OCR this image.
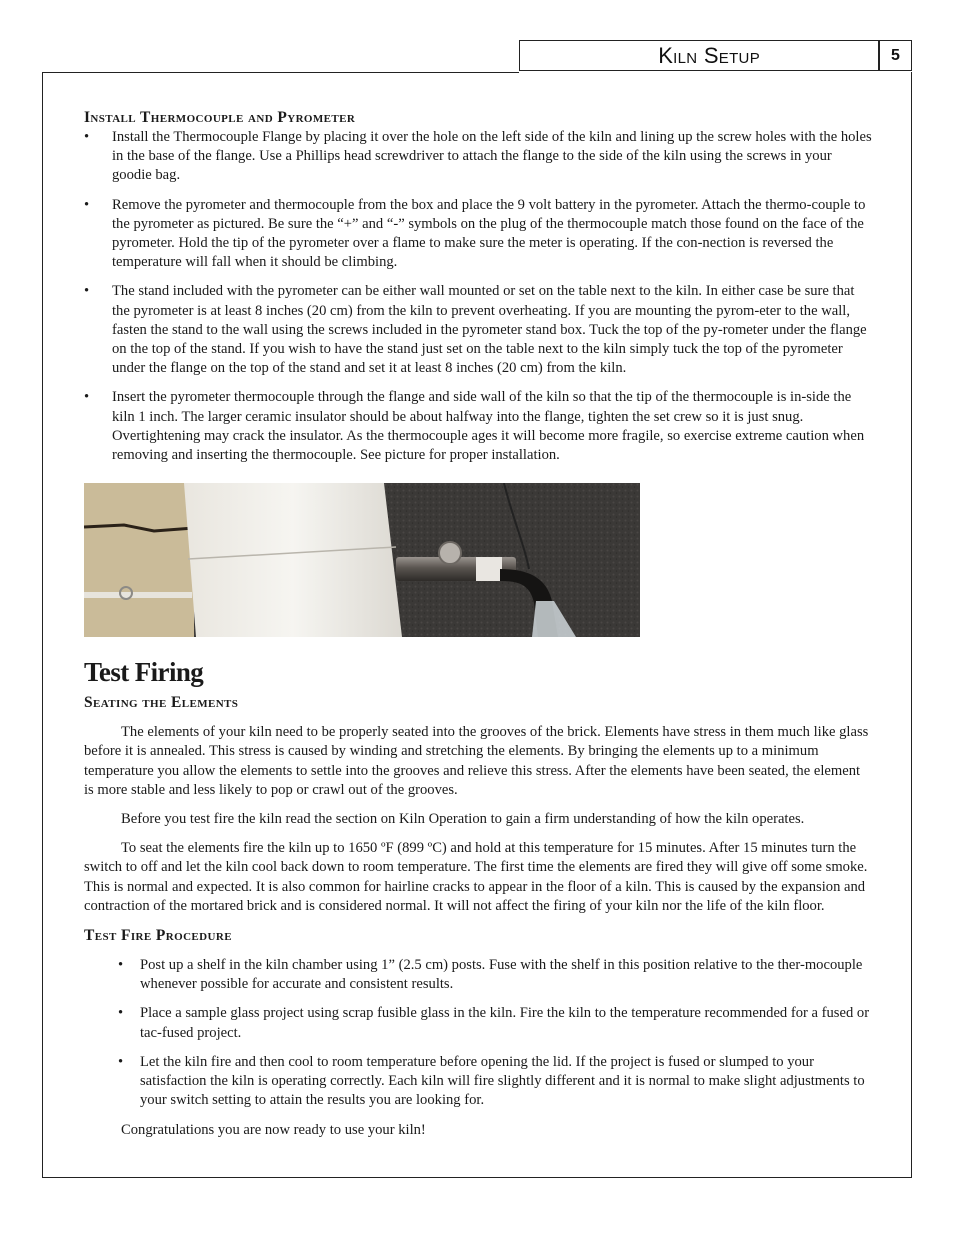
Kiln Setup	5
Install Thermocouple and Pyrometer
• Install the Thermocouple Flange by placing it over the hole on the left side of the kiln and lining up the screw holes with the holes in the base of the flange. Use a Phillips head screwdriver to attach the flange to the side of the kiln using the screws in your goodie bag.
• Remove the pyrometer and thermocouple from the box and place the 9 volt battery in the pyrometer. Attach the thermo-couple to the pyrometer as pictured. Be sure the “+” and “-” symbols on the plug of the thermocouple match those found on the face of the pyrometer. Hold the tip of the pyrometer over a flame to make sure the meter is operating. If the con-nection is reversed the temperature will fall when it should be climbing.
• The stand included with the pyrometer can be either wall mounted or set on the table next to the kiln. In either case be sure that the pyrometer is at least 8 inches (20 cm) from the kiln to prevent overheating. If you are mounting the pyrom-eter to the wall, fasten the stand to the wall using the screws included in the pyrometer stand box. Tuck the top of the py-rometer under the flange on the top of the stand. If you wish to have the stand just set on the table next to the kiln simply tuck the top of the pyrometer under the flange on the top of the stand and set it at least 8 inches (20 cm) from the kiln.
• Insert the pyrometer thermocouple through the flange and side wall of the kiln so that the tip of the thermocouple is in-side the kiln 1 inch. The larger ceramic insulator should be about halfway into the flange, tighten the set crew so it is just snug. Overtightening may crack the insulator. As the thermocouple ages it will become more fragile, so exercise extreme caution when removing and inserting the thermocouple. See picture for proper installation.
Test Firing
Seating the Elements

The elements of your kiln need to be properly seated into the grooves of the brick. Elements have stress in them much like glass before it is annealed. This stress is caused by winding and stretching the elements. By bringing the elements up to a minimum temperature you allow the elements to settle into the grooves and relieve this stress. After the elements have been seated, the element is more stable and less likely to pop or crawl out of the grooves.

Before you test fire the kiln read the section on Kiln Operation to gain a firm understanding of how the kiln operates.

To seat the elements fire the kiln up to 1650 ºF (899 ºC) and hold at this temperature for 15 minutes. After 15 minutes turn the switch to off and let the kiln cool back down to room temperature. The first time the elements are fired they will give off some smoke. This is normal and expected. It is also common for hairline cracks to appear in the floor of a kiln. This is caused by the expansion and contraction of the mortared brick and is considered normal. It will not affect the firing of your kiln nor the life of the kiln floor.

Test Fire Procedure
• Post up a shelf in the kiln chamber using 1” (2.5 cm) posts. Fuse with the shelf in this position relative to the ther-mocouple whenever possible for accurate and consistent results.
• Place a sample glass project using scrap fusible glass in the kiln. Fire the kiln to the temperature recommended for a fused or tac-fused project.
• Let the kiln fire and then cool to room temperature before opening the lid. If the project is fused or slumped to your satisfaction the kiln is operating correctly. Each kiln will fire slightly different and it is normal to make slight adjustments to your switch setting to attain the results you are looking for.

Congratulations you are now ready to use your kiln!
